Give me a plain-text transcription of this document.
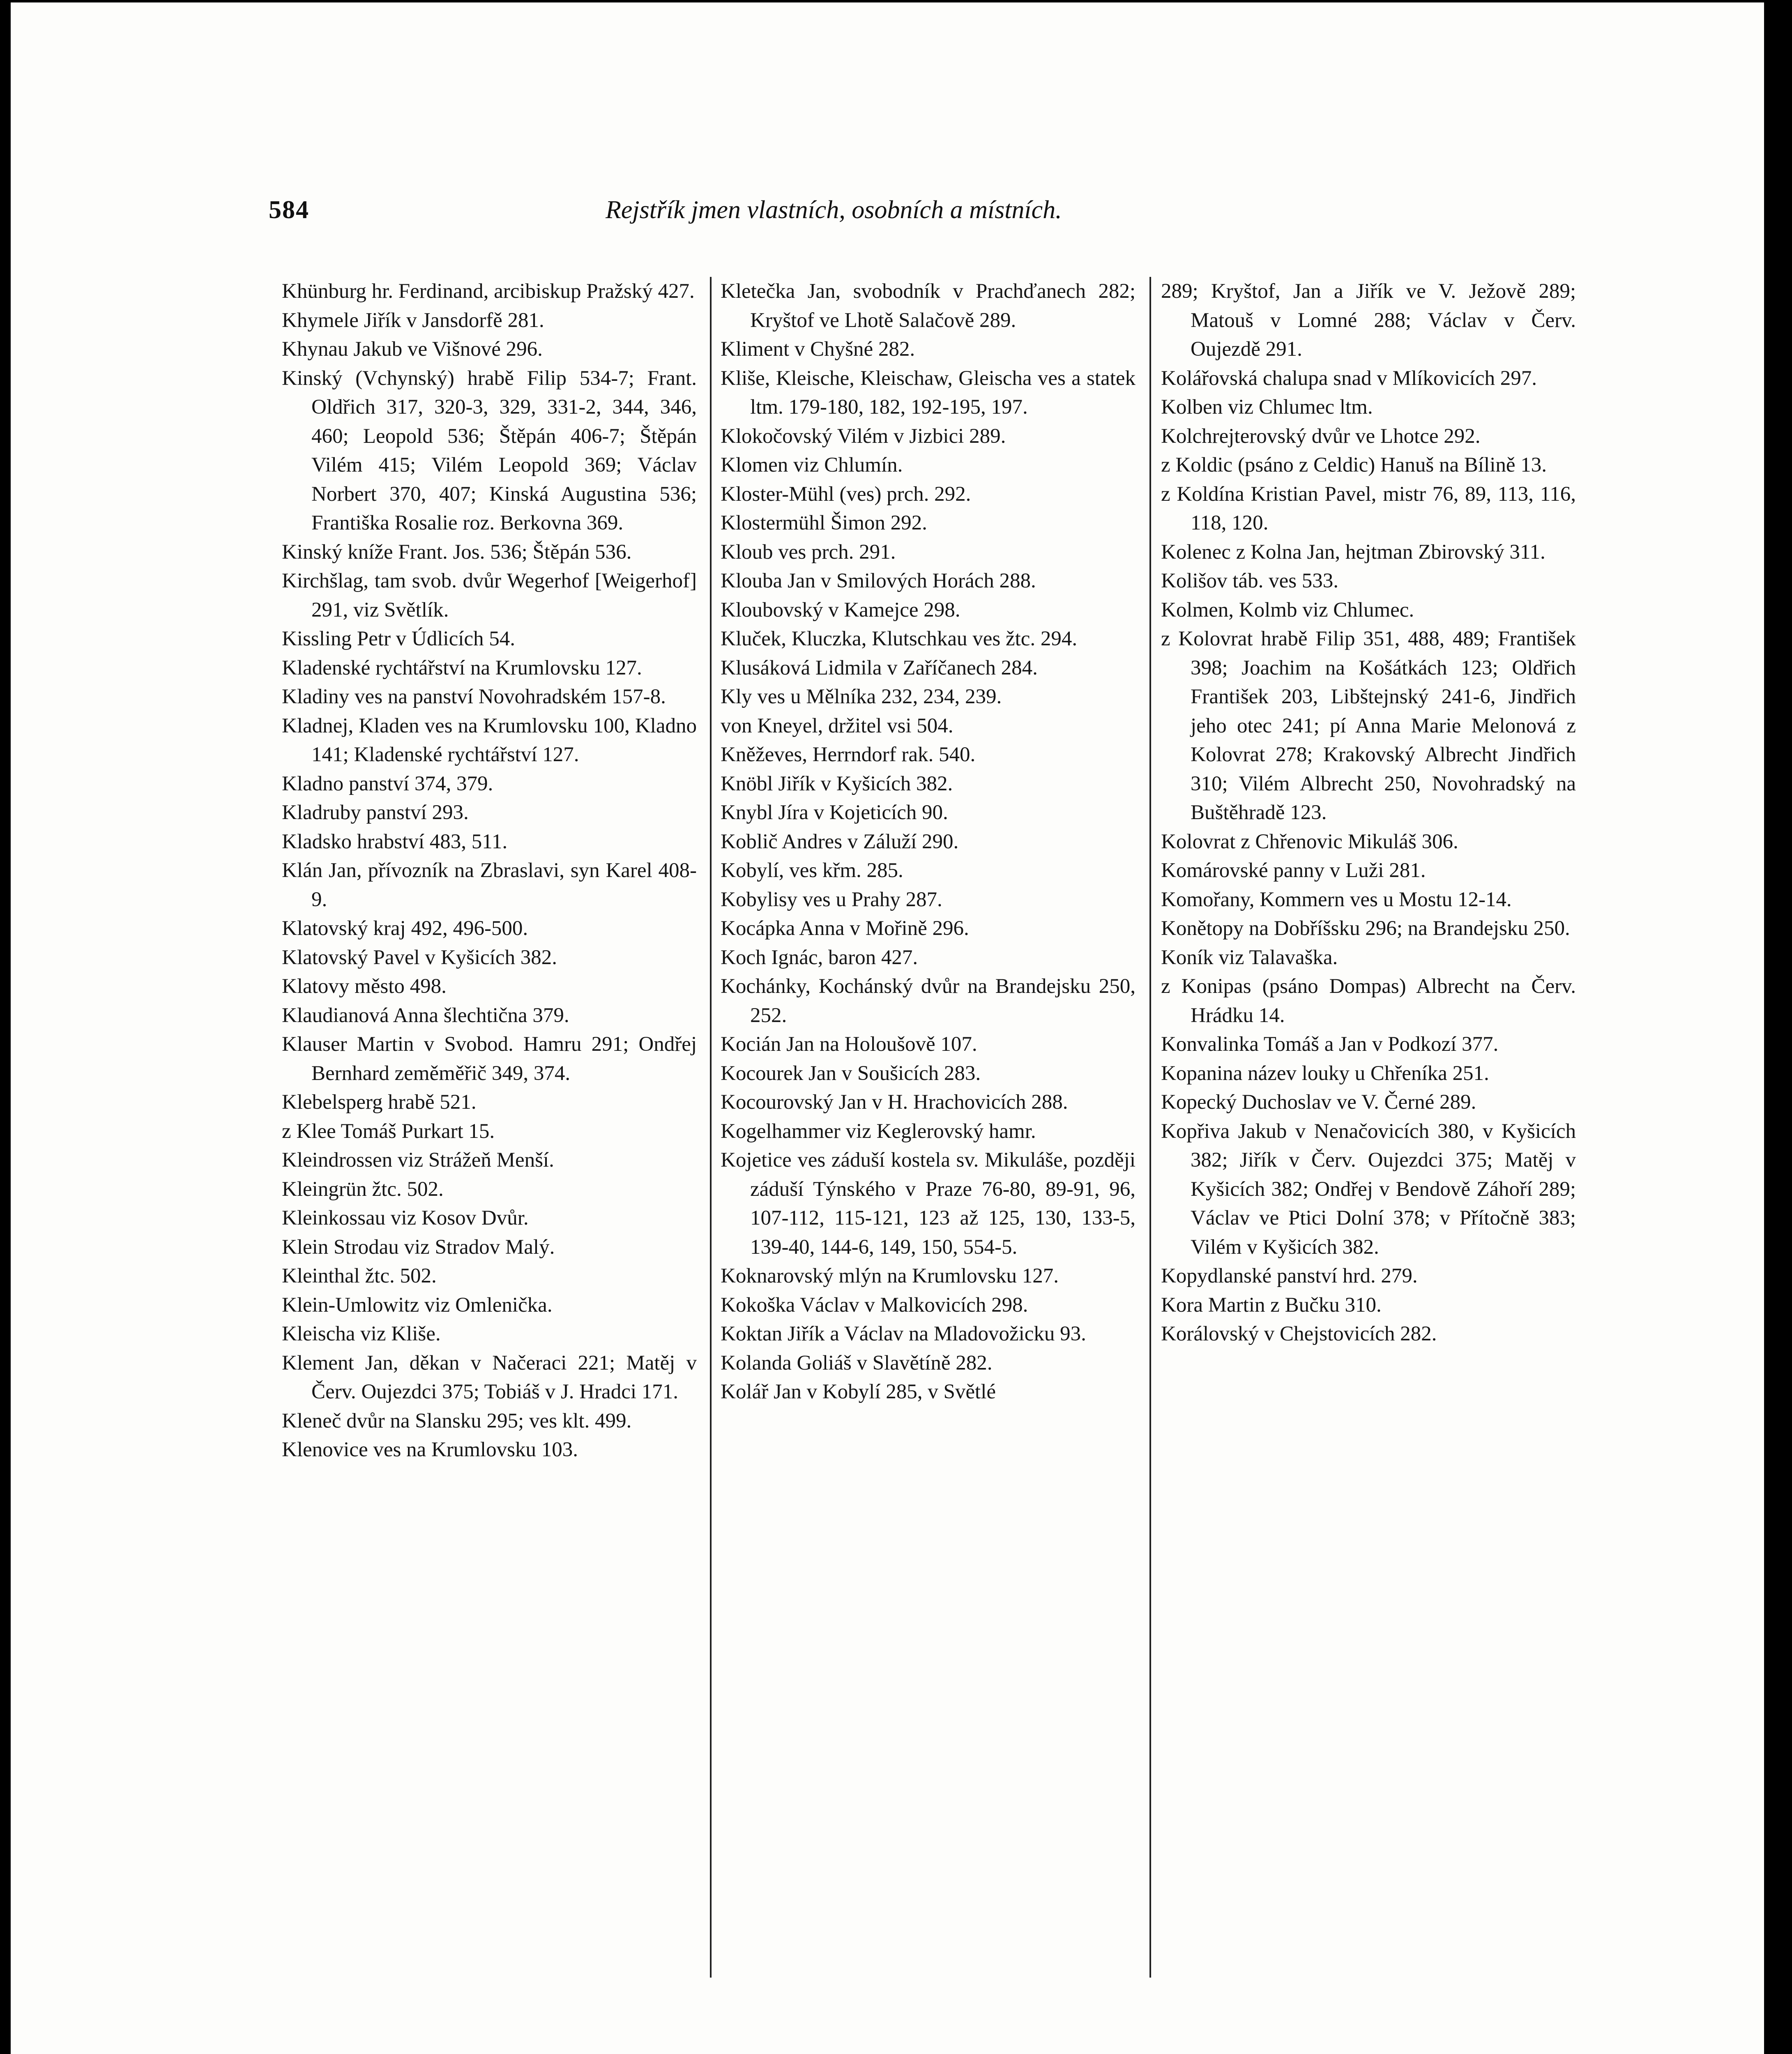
584	Rejstřík jmen vlastních, osobních a místních.

Khünburg hr. Ferdinand, arcibiskup Pražský 427.

Khymele Jiřík v Jansdorfě 281.

Khynau Jakub ve Višnové 296.

Kinský (Vchynský) hrabě Filip 534-7; Frant. Oldřich 317, 320-3, 329, 331-2, 344, 346, 460; Leopold 536; Štěpán 406-7; Štěpán Vilém 415; Vilém Leopold 369; Václav Norbert 370, 407; Kinská Augustina 536; Františka Rosalie roz. Berkovna 369.

Kinský kníže Frant. Jos. 536; Štěpán 536.

Kirchšlag, tam svob. dvůr Wegerhof [Weigerhof] 291, viz Světlík.

Kissling Petr v Údlicích 54.

Kladenské rychtářství na Krumlovsku 127.

Kladiny ves na panství Novohradském 157-8.

Kladnej, Kladen ves na Krumlovsku 100, Kladno 141; Kladenské rychtářství 127.

Kladno panství 374, 379.

Kladruby panství 293.

Kladsko hrabství 483, 511.

Klán Jan, přívozník na Zbraslavi, syn Karel 408-9.

Klatovský kraj 492, 496-500.

Klatovský Pavel v Kyšicích 382.

Klatovy město 498.

Klaudianová Anna šlechtična 379.

Klauser Martin v Svobod. Hamru 291; Ondřej Bernhard zeměměřič 349, 374.

Klebelsperg hrabě 521.

z Klee Tomáš Purkart 15.

Kleindrossen viz Strážeň Menší.

Kleingrün žtc. 502.

Kleinkossau viz Kosov Dvůr.

Klein Strodau viz Stradov Malý.

Kleinthal žtc. 502.

Klein-Umlowitz viz Omlenička.

Kleischa viz Kliše.

Klement Jan, děkan v Načeraci 221; Matěj v Červ. Oujezdci 375; Tobiáš v J. Hradci 171.

Kleneč dvůr na Slansku 295; ves klt. 499.

Klenovice ves na Krumlovsku 103.

Kletečka Jan, svobodník v Prachďanech 282; Kryštof ve Lhotě Salačově 289.

Kliment v Chyšné 282.

Kliše, Kleische, Kleischaw, Gleischa ves a statek ltm. 179-180, 182, 192-195, 197.

Klokočovský Vilém v Jizbici 289.

Klomen viz Chlumín.

Kloster-Mühl (ves) prch. 292.

Klostermühl Šimon 292.

Kloub ves prch. 291.

Klouba Jan v Smilových Horách 288.

Kloubovský v Kamejce 298.

Kluček, Kluczka, Klutschkau ves žtc. 294.

Klusáková Lidmila v Zaříčanech 284.

Kly ves u Mělníka 232, 234, 239.

von Kneyel, držitel vsi 504.

Kněževes, Herrndorf rak. 540.

Knöbl Jiřík v Kyšicích 382.

Knybl Jíra v Kojeticích 90.

Koblič Andres v Záluží 290.

Kobylí, ves křm. 285.

Kobylisy ves u Prahy 287.

Kocápka Anna v Mořině 296.

Koch Ignác, baron 427.

Kochánky, Kochánský dvůr na Brandejsku 250, 252.

Kocián Jan na Holoušově 107.

Kocourek Jan v Soušicích 283.

Kocourovský Jan v H. Hrachovicích 288.

Kogelhammer viz Keglerovský hamr.

Kojetice ves záduší kostela sv. Mikuláše, později záduší Týnského v Praze 76-80, 89-91, 96, 107-112, 115-121, 123 až 125, 130, 133-5, 139-40, 144-6, 149, 150, 554-5.

Koknarovský mlýn na Krumlovsku 127.

Kokoška Václav v Malkovicích 298.

Koktan Jiřík a Václav na Mladovožicku 93.

Kolanda Goliáš v Slavětíně 282.

Kolář Jan v Kobylí 285, v Světlé

289; Kryštof, Jan a Jiřík ve V. Ježově 289; Matouš v Lomné 288; Václav v Červ. Oujezdě 291.

Kolářovská chalupa snad v Mlíkovicích 297.

Kolben viz Chlumec ltm.

Kolchrejterovský dvůr ve Lhotce 292.

z Koldic (psáno z Celdic) Hanuš na Bílině 13.

z Koldína Kristian Pavel, mistr 76, 89, 113, 116, 118, 120.

Kolenec z Kolna Jan, hejtman Zbirovský 311.

Kolišov táb. ves 533.

Kolmen, Kolmb viz Chlumec.

z Kolovrat hrabě Filip 351, 488, 489; František 398; Joachim na Košátkách 123; Oldřich František 203, Libštejnský 241-6, Jindřich jeho otec 241; pí Anna Marie Melonová z Kolovrat 278; Krakovský Albrecht Jindřich 310; Vilém Albrecht 250, Novohradský na Buštěhradě 123.

Kolovrat z Chřenovic Mikuláš 306.

Komárovské panny v Luži 281.

Komořany, Kommern ves u Mostu 12-14.

Konětopy na Dobříšsku 296; na Brandejsku 250.

Koník viz Talavaška.

z Konipas (psáno Dompas) Albrecht na Červ. Hrádku 14.

Konvalinka Tomáš a Jan v Podkozí 377.

Kopanina název louky u Chřeníka 251.

Kopecký Duchoslav ve V. Černé 289.

Kopřiva Jakub v Nenačovicích 380, v Kyšicích 382; Jiřík v Červ. Oujezdci 375; Matěj v Kyšicích 382; Ondřej v Bendově Záhoří 289; Václav ve Ptici Dolní 378; v Přítočně 383; Vilém v Kyšicích 382.

Kopydlanské panství hrd. 279.

Kora Martin z Bučku 310.

Korálovský v Chejstovicích 282.
